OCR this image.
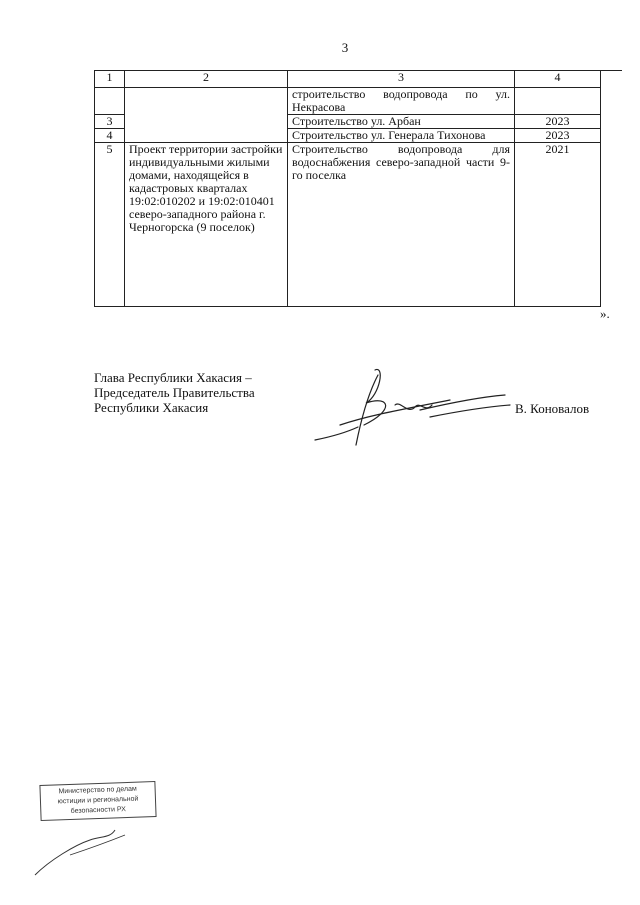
3
1	2	3	4
		строительство водопровода по ул. Некрасова	
3		Строительство ул. Арбан	2023
4		Строительство ул. Генерала Тихонова	2023
5	Проект территории застройки индивидуальными жилыми домами, находящейся в кадастровых кварталах 19:02:010202 и 19:02:010401 северо-западного района г. Черногорска (9 поселок)	Строительство водопровода для водоснабжения северо-западной части 9-го поселка	2021
».
Глава Республики Хакасия –
Председатель Правительства
Республики Хакасия	В. Коновалов
Министерство по делам
юстиции и региональной
безопасности РХ
